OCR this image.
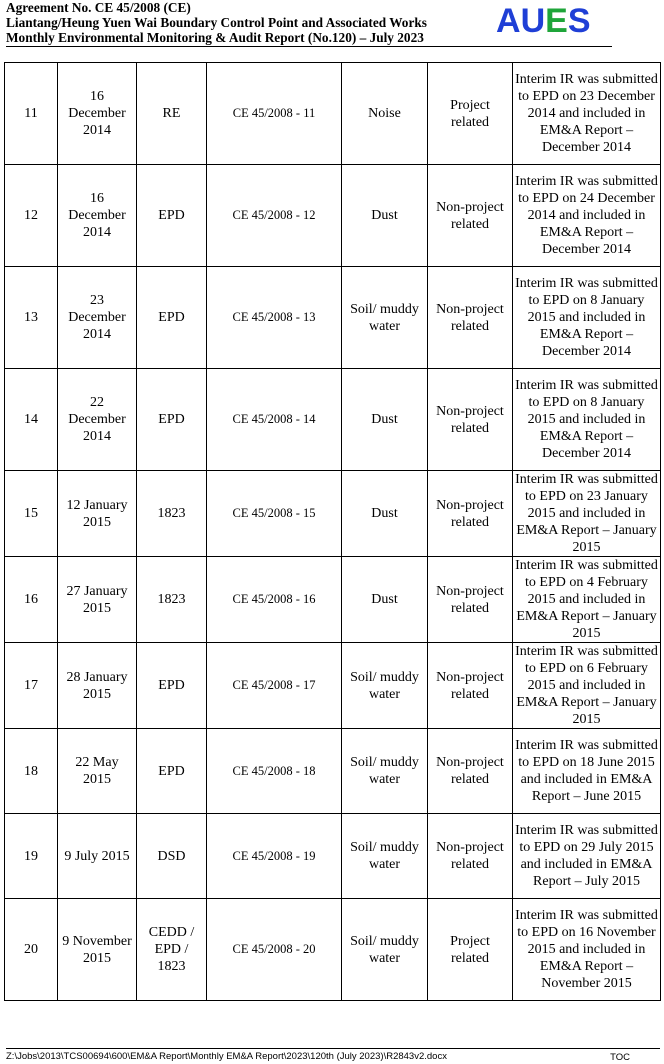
Agreement No. CE 45/2008 (CE)
Liantang/Heung Yuen Wai Boundary Control Point and Associated Works
Monthly Environmental Monitoring & Audit Report (No.120) – July 2023	AUES
11	16 December 2014	RE	CE 45/2008 - 11	Noise	Project related	Interim IR was submitted to EPD on 23 December 2014 and included in EM&A Report – December 2014
12	16 December 2014	EPD	CE 45/2008 - 12	Dust	Non-project related	Interim IR was submitted to EPD on 24 December 2014 and included in EM&A Report – December 2014
13	23 December 2014	EPD	CE 45/2008 - 13	Soil/ muddy water	Non-project related	Interim IR was submitted to EPD on 8 January 2015 and included in EM&A Report – December 2014
14	22 December 2014	EPD	CE 45/2008 - 14	Dust	Non-project related	Interim IR was submitted to EPD on 8 January 2015 and included in EM&A Report – December 2014
15	12 January 2015	1823	CE 45/2008 - 15	Dust	Non-project related	Interim IR was submitted to EPD on 23 January 2015 and included in EM&A Report – January 2015
16	27 January 2015	1823	CE 45/2008 - 16	Dust	Non-project related	Interim IR was submitted to EPD on 4 February 2015 and included in EM&A Report – January 2015
17	28 January 2015	EPD	CE 45/2008 - 17	Soil/ muddy water	Non-project related	Interim IR was submitted to EPD on 6 February 2015 and included in EM&A Report – January 2015
18	22 May 2015	EPD	CE 45/2008 - 18	Soil/ muddy water	Non-project related	Interim IR was submitted to EPD on 18 June 2015 and included in EM&A Report – June 2015
19	9 July 2015	DSD	CE 45/2008 - 19	Soil/ muddy water	Non-project related	Interim IR was submitted to EPD on 29 July 2015 and included in EM&A Report – July 2015
20	9 November 2015	CEDD / EPD / 1823	CE 45/2008 - 20	Soil/ muddy water	Project related	Interim IR was submitted to EPD on 16 November 2015 and included in EM&A Report – November 2015
Z:\Jobs\2013\TCS00694\600\EM&A Report\Monthly EM&A Report\2023\120th (July 2023)\R2843v2.docx	TOC
